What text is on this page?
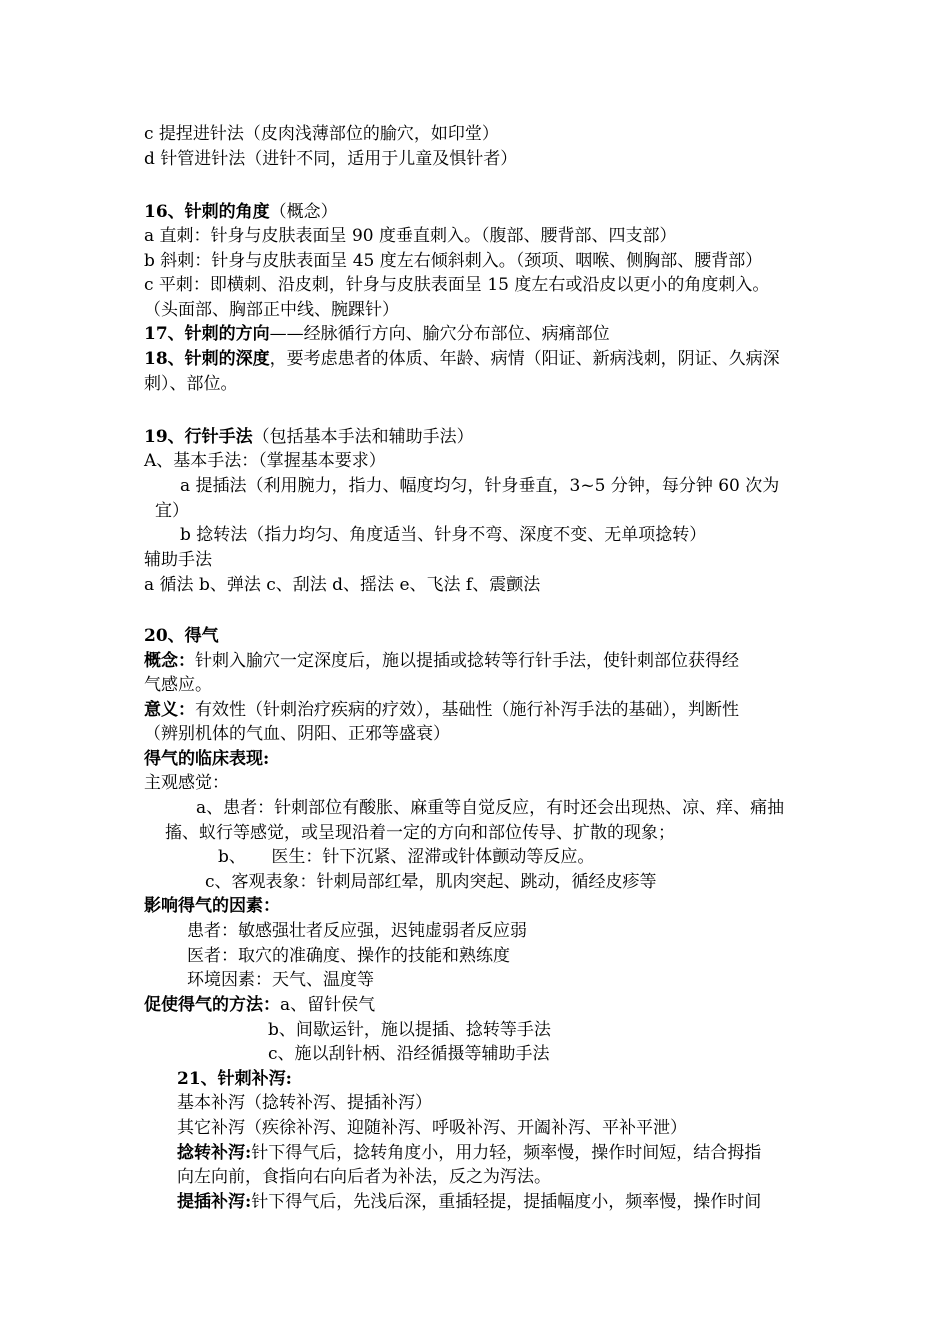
c 提捏进针法（皮肉浅薄部位的腧穴，如印堂）
d 针管进针法（进针不同，适用于儿童及惧针者）
16、针刺的角度（概念）
a 直刺：针身与皮肤表面呈 90 度垂直刺入。（腹部、腰背部、四支部）
b 斜刺：针身与皮肤表面呈 45 度左右倾斜刺入。（颈项、咽喉、侧胸部、腰背部）
c 平刺：即横刺、沿皮刺，针身与皮肤表面呈 15 度左右或沿皮以更小的角度刺入。
（头面部、胸部正中线、腕踝针）
17、针刺的方向——经脉循行方向、腧穴分布部位、病痛部位
18、针刺的深度，要考虑患者的体质、年龄、病情（阳证、新病浅刺，阴证、久病深
刺）、部位。
19、行针手法（包括基本手法和辅助手法）
A、基本手法：（掌握基本要求）
a 提插法（利用腕力，指力、幅度均匀，针身垂直，3~5 分钟，每分钟 60 次为
宜）
b 捻转法（指力均匀、角度适当、针身不弯、深度不变、无单项捻转）
辅助手法
a 循法 b、弹法 c、刮法 d、摇法 e、飞法 f、震颤法
20、得气
概念：针刺入腧穴一定深度后，施以提插或捻转等行针手法，使针刺部位获得经
气感应。
意义：有效性（针刺治疗疾病的疗效），基础性（施行补泻手法的基础），判断性
（辨别机体的气血、阴阳、正邪等盛衰）
得气的临床表现:
主观感觉：
a、患者：针刺部位有酸胀、麻重等自觉反应，有时还会出现热、凉、痒、痛抽
搐、蚁行等感觉，或呈现沿着一定的方向和部位传导、扩散的现象；
b、　　医生：针下沉紧、涩滞或针体颤动等反应。
c、客观表象：针刺局部红晕，肌肉突起、跳动，循经皮疹等
影响得气的因素：
患者：敏感强壮者反应强，迟钝虚弱者反应弱
医者：取穴的准确度、操作的技能和熟练度
环境因素：天气、温度等
促使得气的方法：a、留针侯气
b、间歇运针，施以提插、捻转等手法
c、施以刮针柄、沿经循摄等辅助手法
21、针刺补泻:
基本补泻（捻转补泻、提插补泻）
其它补泻（疾徐补泻、迎随补泻、呼吸补泻、开阖补泻、平补平泄）
捻转补泻:针下得气后，捻转角度小，用力轻，频率慢，操作时间短，结合拇指
向左向前，食指向右向后者为补法，反之为泻法。
提插补泻:针下得气后，先浅后深，重插轻提，提插幅度小，频率慢，操作时间
